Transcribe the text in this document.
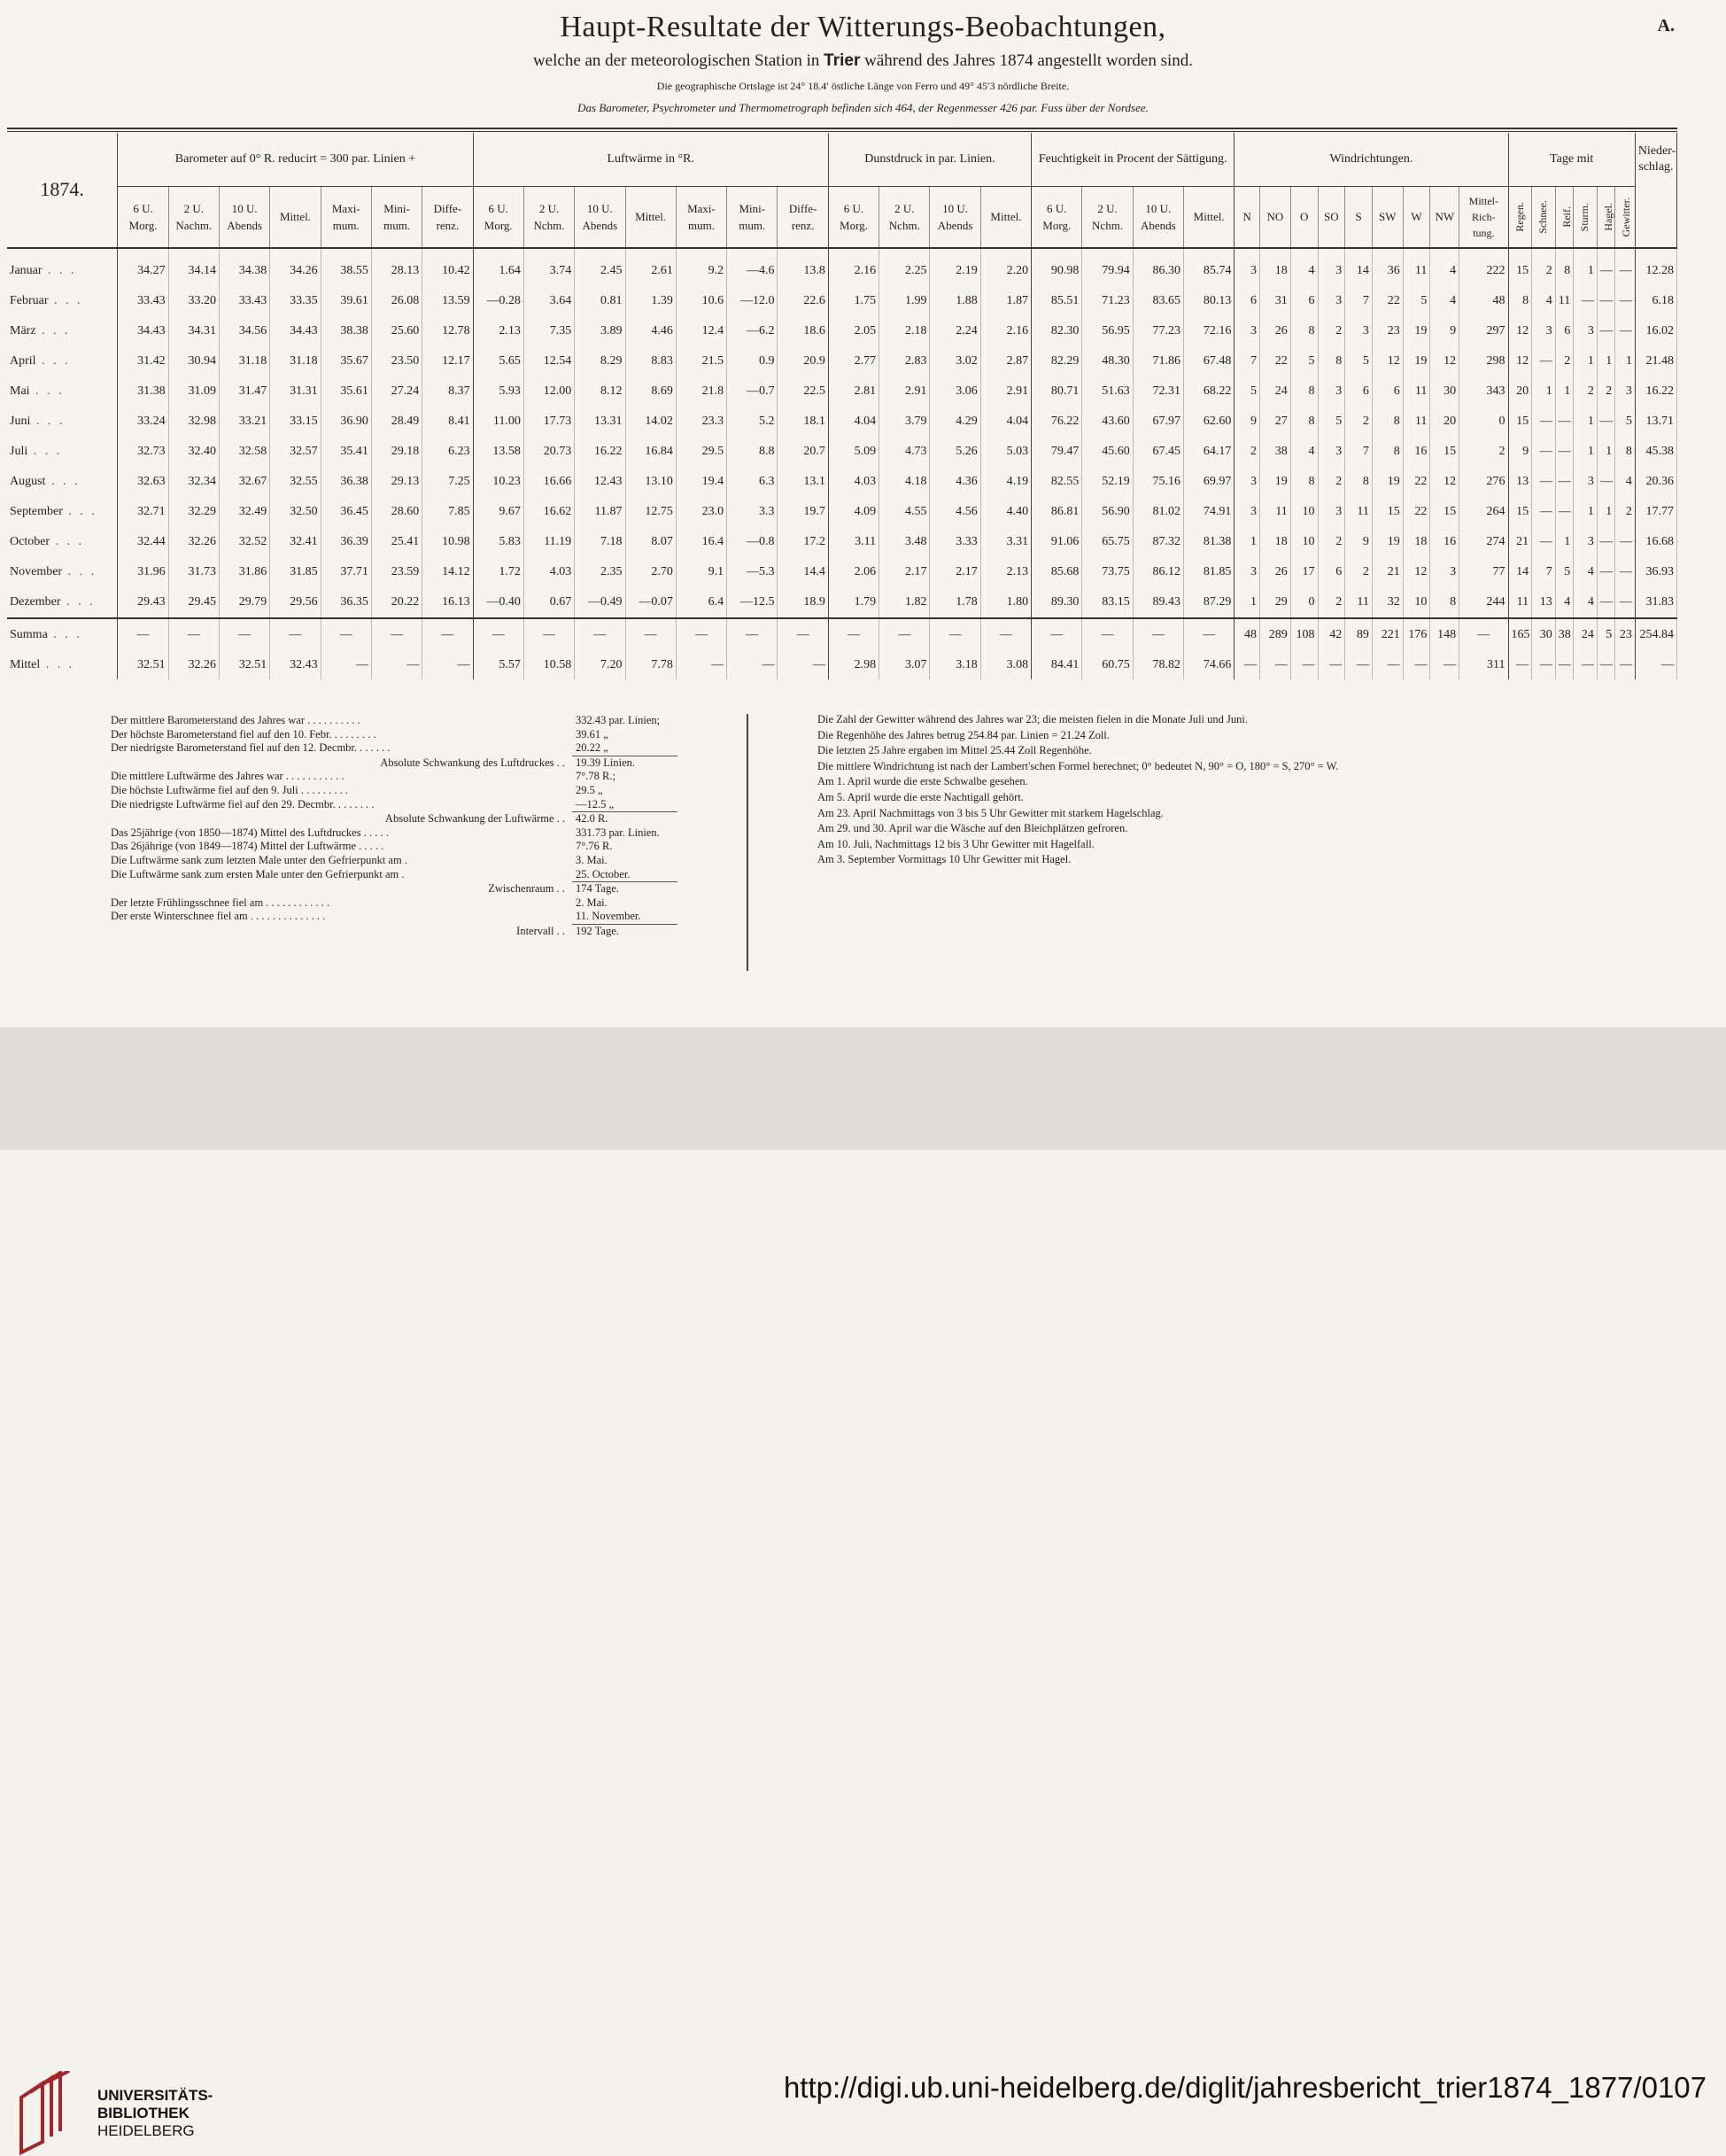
Haupt-Resultate der Witterungs-Beobachtungen,	A.
welche an der meteorologischen Station in Trier während des Jahres 1874 angestellt worden sind.
Die geographische Ortslage ist 24° 18.4′ östliche Länge von Ferro und 49° 45′3 nördliche Breite.
Das Barometer, Psychrometer und Thermometrograph befinden sich 464, der Regenmesser 426 par. Fuss über der Nordsee.
1874.	Barometer auf 0° R. reducirt = 300 par. Linien +							Luftwärme in °R.							Dunstdruck in par. Linien.				Feuchtigkeit in Procent der Sättigung.				Windrichtungen.									Tage mit						Nieder-schlag.
	6 U. Morg.	2 U. Nachm.	10 U. Abends	Mittel.	Maxi-mum.	Mini-mum.	Diffe-renz.	6 U. Morg.	2 U. Nchm.	10 U. Abends	Mittel.	Maxi-mum.	Mini-mum.	Diffe-renz.	6 U. Morg.	2 U. Nchm.	10 U. Abends	Mittel.	6 U. Morg.	2 U. Nchm.	10 U. Abends	Mittel.	N	NO	O	SO	S	SW	W	NW	Mittel-Rich-tung.	Regen.	Schnee.	Reif.	Sturm.	Hagel.	Gewitter.	

Januar . . .	34.27	34.14	34.38	34.26	38.55	28.13	10.42	1.64	3.74	2.45	2.61	9.2	—4.6	13.8	2.16	2.25	2.19	2.20	90.98	79.94	86.30	85.74	3	18	4	3	14	36	11	4	222	15	2	8	1	—	—	12.28
Februar . . .	33.43	33.20	33.43	33.35	39.61	26.08	13.59	—0.28	3.64	0.81	1.39	10.6	—12.0	22.6	1.75	1.99	1.88	1.87	85.51	71.23	83.65	80.13	6	31	6	3	7	22	5	4	48	8	4	11	—	—	—	6.18
März . . .	34.43	34.31	34.56	34.43	38.38	25.60	12.78	2.13	7.35	3.89	4.46	12.4	—6.2	18.6	2.05	2.18	2.24	2.16	82.30	56.95	77.23	72.16	3	26	8	2	3	23	19	9	297	12	3	6	3	—	—	16.02
April . . .	31.42	30.94	31.18	31.18	35.67	23.50	12.17	5.65	12.54	8.29	8.83	21.5	0.9	20.9	2.77	2.83	3.02	2.87	82.29	48.30	71.86	67.48	7	22	5	8	5	12	19	12	298	12	—	2	1	1	1	21.48
Mai . . .	31.38	31.09	31.47	31.31	35.61	27.24	8.37	5.93	12.00	8.12	8.69	21.8	—0.7	22.5	2.81	2.91	3.06	2.91	80.71	51.63	72.31	68.22	5	24	8	3	6	6	11	30	343	20	1	1	2	2	3	16.22
Juni . . .	33.24	32.98	33.21	33.15	36.90	28.49	8.41	11.00	17.73	13.31	14.02	23.3	5.2	18.1	4.04	3.79	4.29	4.04	76.22	43.60	67.97	62.60	9	27	8	5	2	8	11	20	0	15	—	—	1	—	5	13.71
Juli . . .	32.73	32.40	32.58	32.57	35.41	29.18	6.23	13.58	20.73	16.22	16.84	29.5	8.8	20.7	5.09	4.73	5.26	5.03	79.47	45.60	67.45	64.17	2	38	4	3	7	8	16	15	2	9	—	—	1	1	8	45.38
August . . .	32.63	32.34	32.67	32.55	36.38	29.13	7.25	10.23	16.66	12.43	13.10	19.4	6.3	13.1	4.03	4.18	4.36	4.19	82.55	52.19	75.16	69.97	3	19	8	2	8	19	22	12	276	13	—	—	3	—	4	20.36
September . . .	32.71	32.29	32.49	32.50	36.45	28.60	7.85	9.67	16.62	11.87	12.75	23.0	3.3	19.7	4.09	4.55	4.56	4.40	86.81	56.90	81.02	74.91	3	11	10	3	11	15	22	15	264	15	—	—	1	1	2	17.77
October . . .	32.44	32.26	32.52	32.41	36.39	25.41	10.98	5.83	11.19	7.18	8.07	16.4	—0.8	17.2	3.11	3.48	3.33	3.31	91.06	65.75	87.32	81.38	1	18	10	2	9	19	18	16	274	21	—	1	3	—	—	16.68
November . . .	31.96	31.73	31.86	31.85	37.71	23.59	14.12	1.72	4.03	2.35	2.70	9.1	—5.3	14.4	2.06	2.17	2.17	2.13	85.68	73.75	86.12	81.85	3	26	17	6	2	21	12	3	77	14	7	5	4	—	—	36.93
Dezember . . .	29.43	29.45	29.79	29.56	36.35	20.22	16.13	—0.40	0.67	—0.49	—0.07	6.4	—12.5	18.9	1.79	1.82	1.78	1.80	89.30	83.15	89.43	87.29	1	29	0	2	11	32	10	8	244	11	13	4	4	—	—	31.83
Summa . . .	—	—	—	—	—	—	—	—	—	—	—	—	—	—	—	—	—	—	—	—	—	—	48	289	108	42	89	221	176	148	—	165	30	38	24	5	23	254.84
Mittel . . .	32.51	32.26	32.51	32.43	—	—	—	5.57	10.58	7.20	7.78	—	—	—	2.98	3.07	3.18	3.08	84.41	60.75	78.82	74.66	—	—	—	—	—	—	—	—	311	—	—	—	—	—	—	—
Der mittlere Barometerstand des Jahres war . . . . . . . . . .	332.43 par. Linien;
Der höchste Barometerstand fiel auf den 10. Febr. . . . . . . . .	39.61 „
Der niedrigste Barometerstand fiel auf den 12. Decmbr. . . . . . .	20.22 „
Absolute Schwankung des Luftdruckes . . 19.39 Linien.
Die mittlere Luftwärme des Jahres war . . . . . . . . . . .	7°.78 R.;
Die höchste Luftwärme fiel auf den 9. Juli . . . . . . . . .	29.5 „
Die niedrigste Luftwärme fiel auf den 29. Decmbr. . . . . . . .	—12.5 „
Absolute Schwankung der Luftwärme . . 42.0 R.
Das 25jährige (von 1850—1874) Mittel des Luftdruckes . . . . .	331.73 par. Linien.
Das 26jährige (von 1849—1874) Mittel der Luftwärme . . . . .	7°.76 R.
Die Luftwärme sank zum letzten Male unter den Gefrierpunkt am .	3. Mai.
Die Luftwärme sank zum ersten Male unter den Gefrierpunkt am .	25. October.
Zwischenraum . . 174 Tage.
Der letzte Frühlingsschnee fiel am . . . . . . . . . . . .	2. Mai.
Der erste Winterschnee fiel am . . . . . . . . . . . . . .	11. November.
Intervall . . 192 Tage.
Die Zahl der Gewitter während des Jahres war 23; die meisten fielen in die Monate Juli und Juni.
Die Regenhöhe des Jahres betrug 254.84 par. Linien = 21.24 Zoll.
Die letzten 25 Jahre ergaben im Mittel 25.44 Zoll Regenhöhe.
Die mittlere Windrichtung ist nach der Lambert'schen Formel berechnet; 0° bedeutet N, 90° = O, 180° = S, 270° = W.
Am 1. April wurde die erste Schwalbe gesehen.
Am 5. April wurde die erste Nachtigall gehört.
Am 23. April Nachmittags von 3 bis 5 Uhr Gewitter mit starkem Hagelschlag.
Am 29. und 30. April war die Wäsche auf den Bleichplätzen gefroren.
Am 10. Juli, Nachmittags 12 bis 3 Uhr Gewitter mit Hagelfall.
Am 3. September Vormittags 10 Uhr Gewitter mit Hagel.
UNIVERSITÄTS-
BIBLIOTHEK
HEIDELBERG
http://digi.ub.uni-heidelberg.de/diglit/jahresbericht_trier1874_1877/0107
